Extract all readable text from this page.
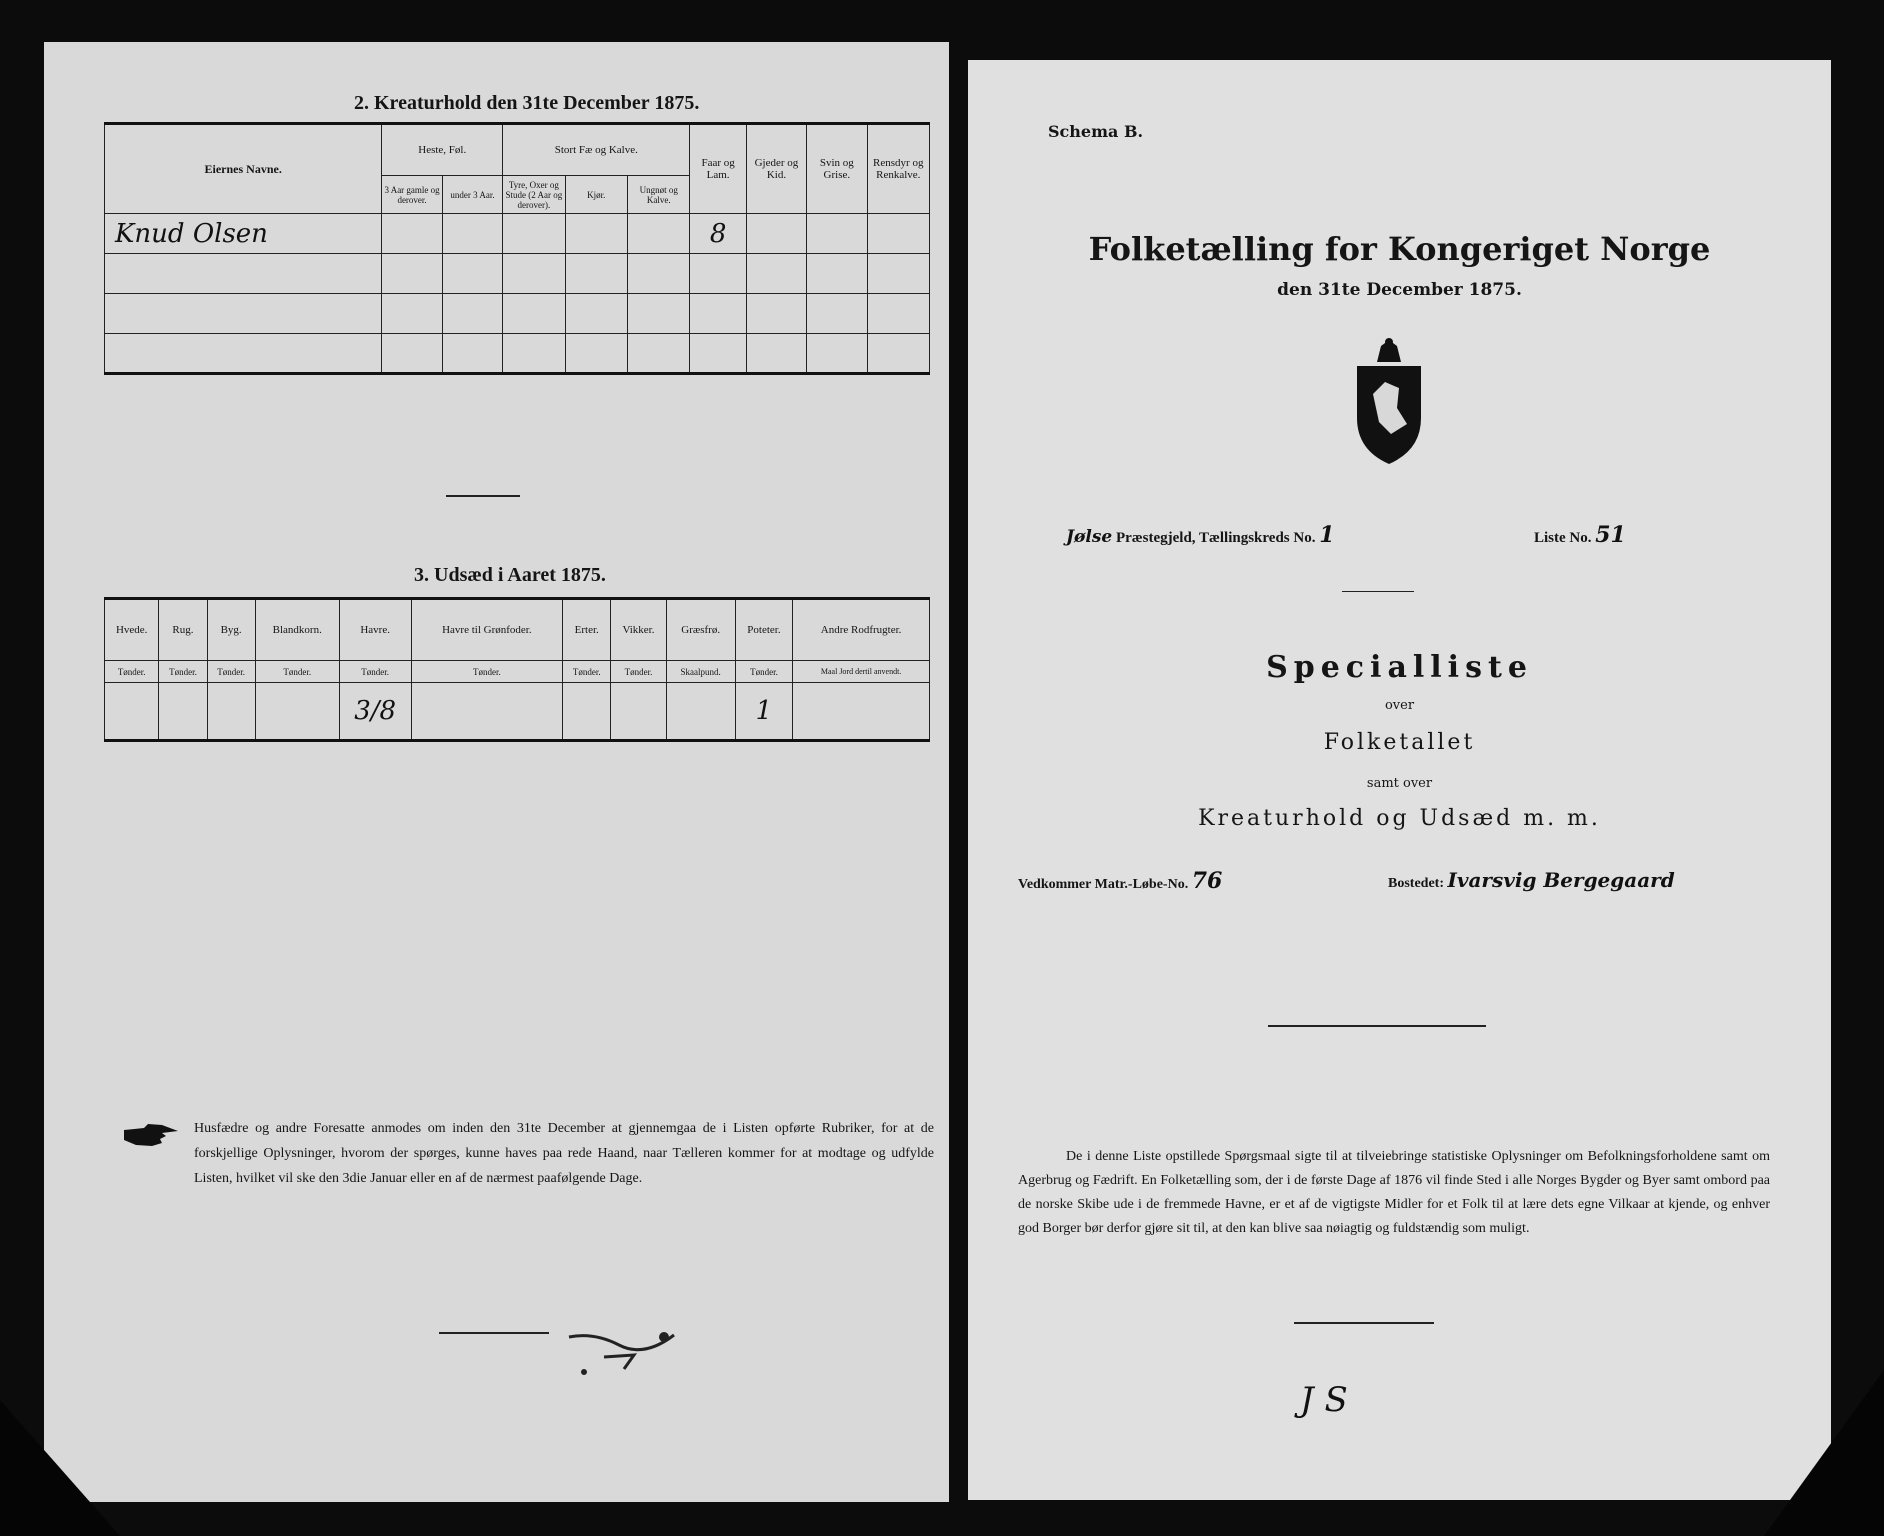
2. Kreaturhold den 31te December 1875.
Eiernes Navne.	Heste, Føl.		Stort Fæ og Kalve.			Faar og Lam.	Gjeder og Kid.	Svin og Grise.	Rensdyr og Renkalve.
	3 Aar gamle og derover.	under 3 Aar.	Tyre, Oxer og Stude (2 Aar og derover).	Kjør.	Ungnøt og Kalve.				
Knud Olsen						8			

3. Udsæd i Aaret 1875.
Hvede.	Rug.	Byg.	Blandkorn.	Havre.	Havre til Grønfoder.	Erter.	Vikker.	Græsfrø.	Poteter.	Andre Rodfrugter.
Tønder.	Tønder.	Tønder.	Tønder.	Tønder.	Tønder.	Tønder.	Tønder.	Skaalpund.	Tønder.	Maal Jord dertil anvendt.
				3/8					1	
Husfædre og andre Foresatte anmodes om inden den 31te December at gjennemgaa de i Listen opførte Rubriker, for at de forskjellige Oplysninger, hvorom der spørges, kunne haves paa rede Haand, naar Tælleren kommer for at modtage og udfylde Listen, hvilket vil ske den 3die Januar eller en af de nærmest paafølgende Dage.
Schema B.
Folketælling for Kongeriget Norge
den 31te December 1875.
Jølse Præstegjeld, Tællingskreds No. 1	Liste No. 51
Specialliste
over
Folketallet
samt over
Kreaturhold og Udsæd m. m.
Vedkommer Matr.-Løbe-No. 76	Bostedet: Ivarsvig Bergegaard
De i denne Liste opstillede Spørgsmaal sigte til at tilveiebringe statistiske Oplysninger om Befolkningsforholdene samt om Agerbrug og Fædrift. En Folketælling som, der i de første Dage af 1876 vil finde Sted i alle Norges Bygder og Byer samt ombord paa de norske Skibe ude i de fremmede Havne, er et af de vigtigste Midler for et Folk til at lære dets egne Vilkaar at kjende, og enhver god Borger bør derfor gjøre sit til, at den kan blive saa nøiagtig og fuldstændig som muligt.
J S
